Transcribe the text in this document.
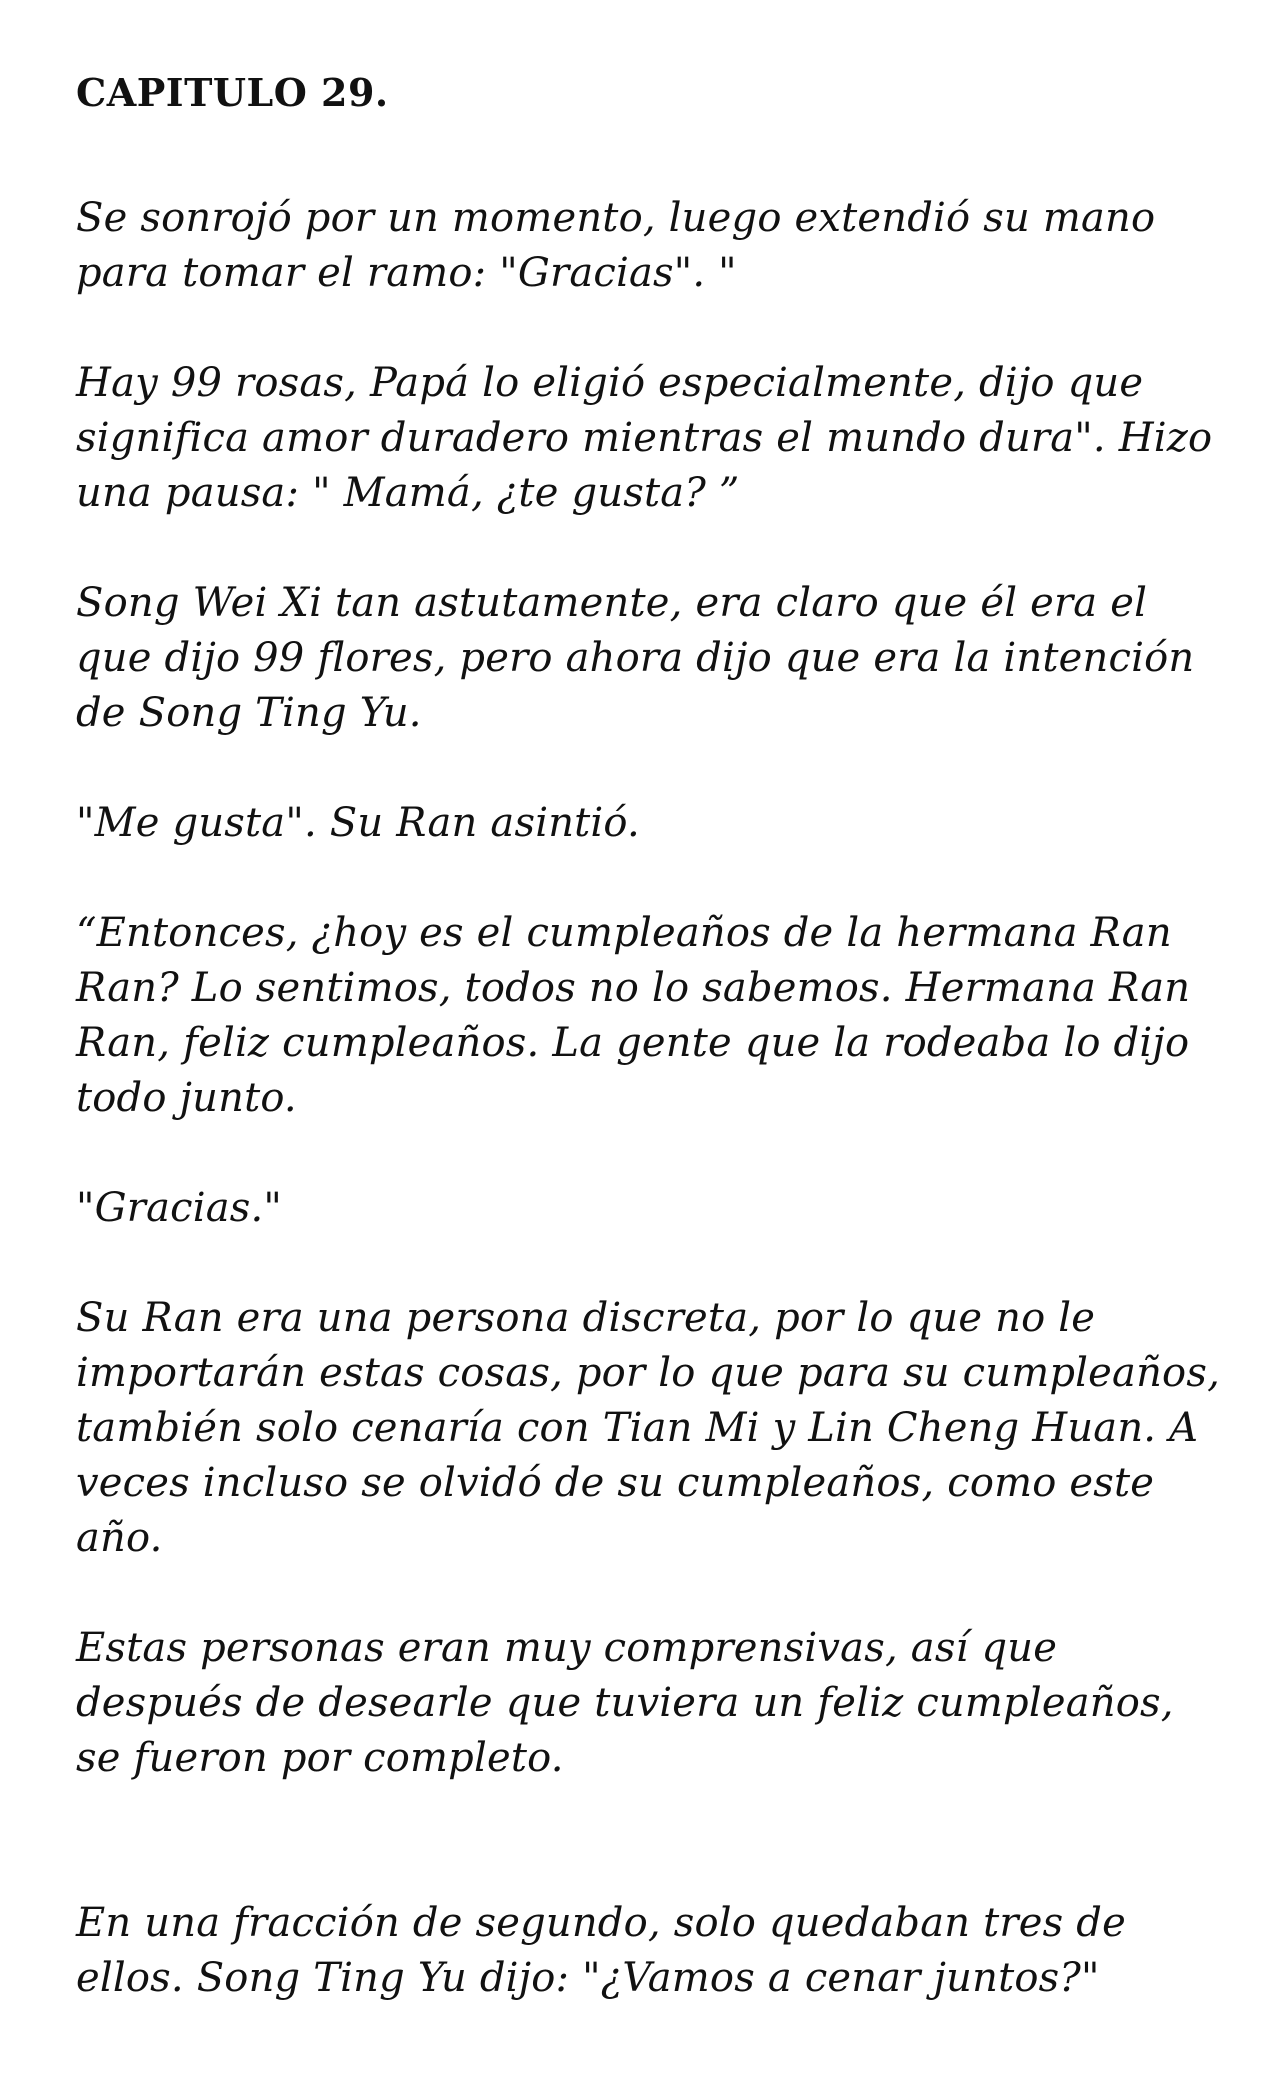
CAPITULO 29.

Se sonrojó por un momento, luego extendió su mano para tomar el ramo: "Gracias". "

Hay 99 rosas, Papá lo eligió especialmente, dijo que significa amor duradero mientras el mundo dura". Hizo una pausa: " Mamá, ¿te gusta? ”

Song Wei Xi tan astutamente, era claro que él era el que dijo 99 flores, pero ahora dijo que era la intención de Song Ting Yu.

"Me gusta". Su Ran asintió.

“Entonces, ¿hoy es el cumpleaños de la hermana Ran Ran? Lo sentimos, todos no lo sabemos. Hermana Ran Ran, feliz cumpleaños. La gente que la rodeaba lo dijo todo junto.

"Gracias."

Su Ran era una persona discreta, por lo que no le importarán estas cosas, por lo que para su cumpleaños, también solo cenaría con Tian Mi y Lin Cheng Huan. A veces incluso se olvidó de su cumpleaños, como este año.

Estas personas eran muy comprensivas, así que después de desearle que tuviera un feliz cumpleaños, se fueron por completo.

En una fracción de segundo, solo quedaban tres de ellos. Song Ting Yu dijo: "¿Vamos a cenar juntos?"
